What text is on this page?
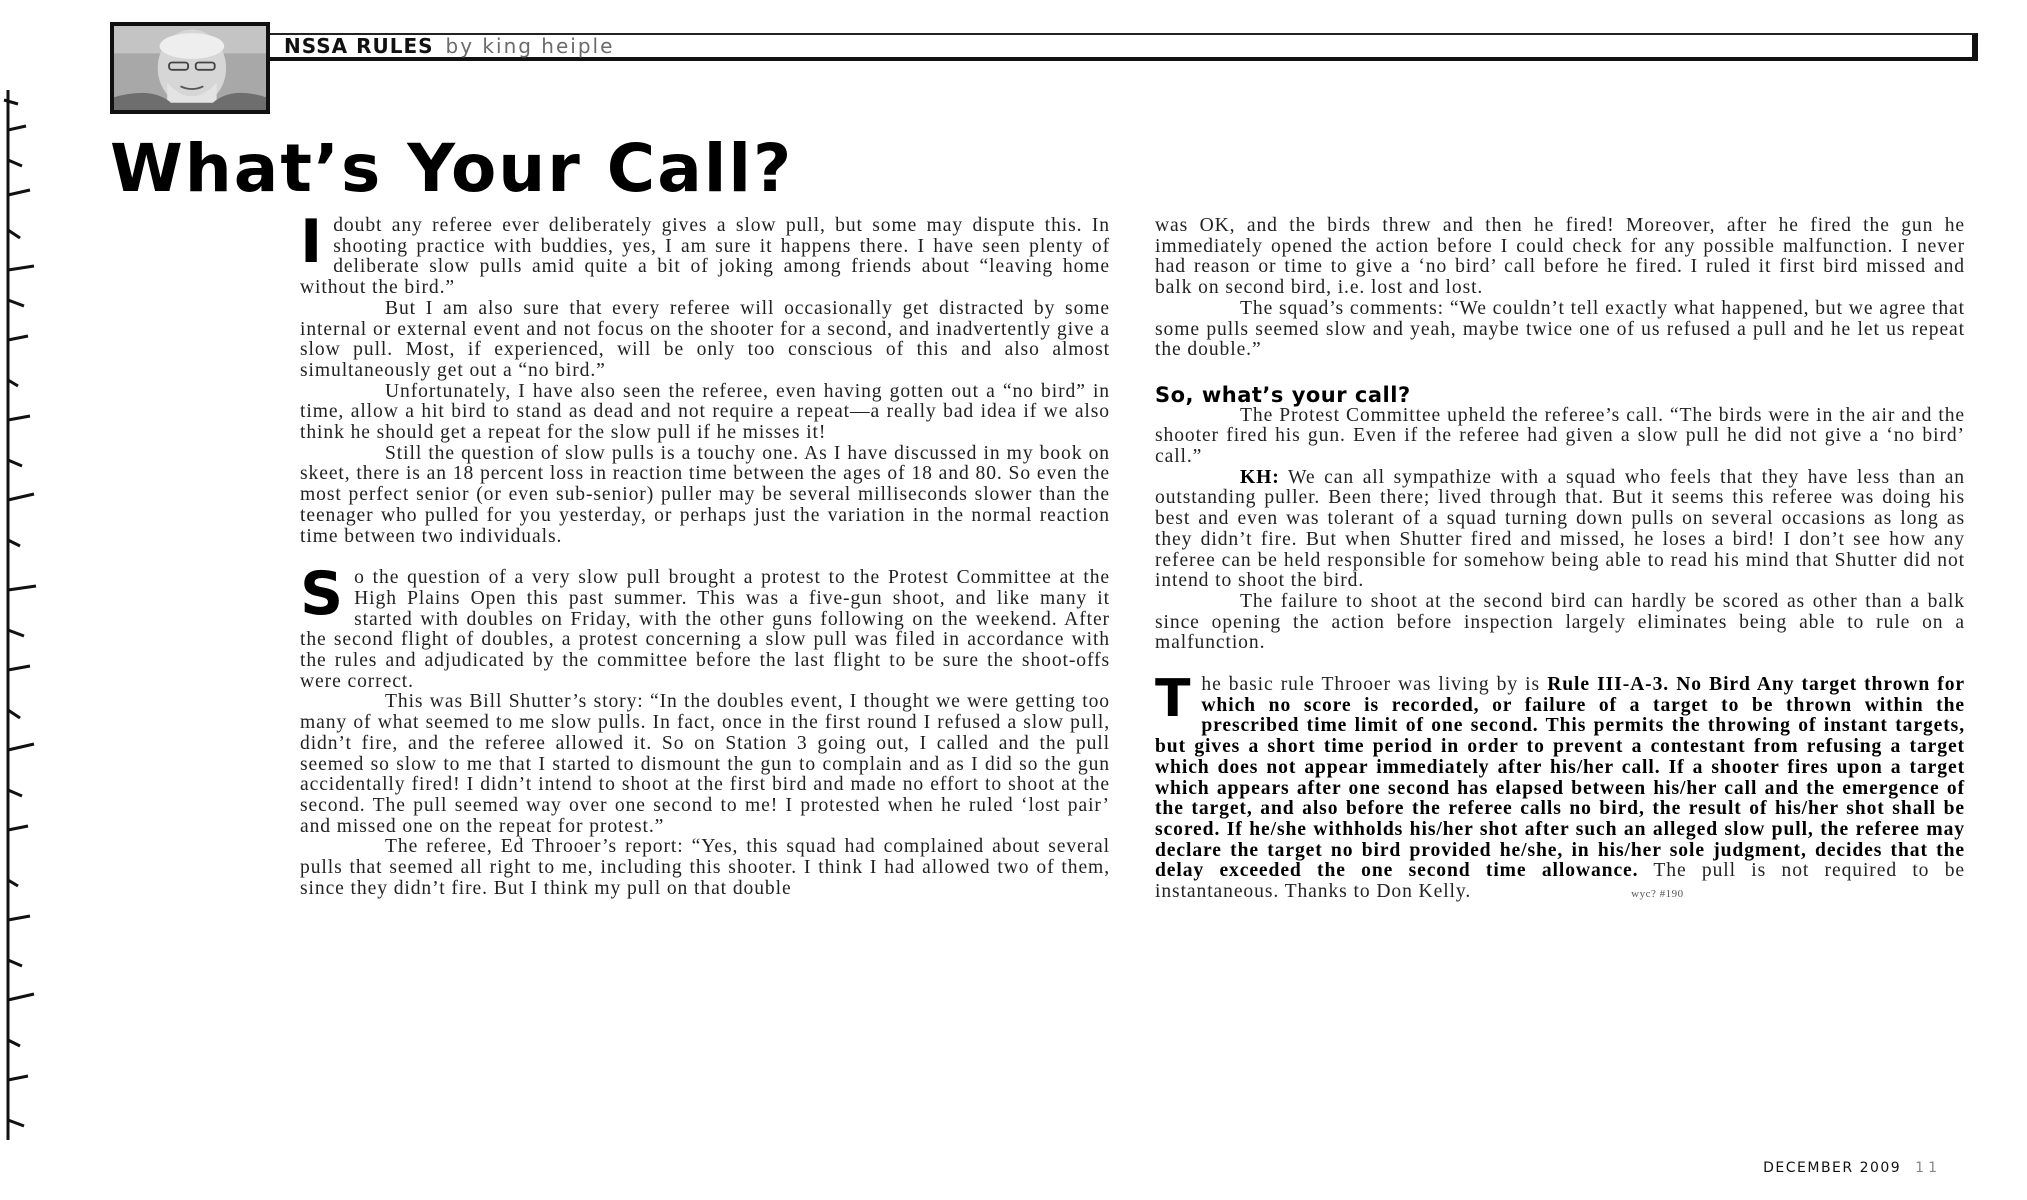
NSSA RULES by king heiple
What’s Your Call?

Idoubt any referee ever deliberately gives a slow pull, but some may dispute this. In shooting practice with buddies, yes, I am sure it happens there. I have seen plenty of deliberate slow pulls amid quite a bit of joking among friends about “leaving home without the bird.”

But I am also sure that every referee will occasionally get distracted by some internal or external event and not focus on the shooter for a second, and inadvertently give a slow pull. Most, if experienced, will be only too conscious of this and also almost simultaneously get out a “no bird.”

Unfortunately, I have also seen the referee, even having gotten out a “no bird” in time, allow a hit bird to stand as dead and not require a repeat—a really bad idea if we also think he should get a repeat for the slow pull if he misses it!

Still the question of slow pulls is a touchy one. As I have discussed in my book on skeet, there is an 18 percent loss in reaction time between the ages of 18 and 80. So even the most perfect senior (or even sub-senior) puller may be several milliseconds slower than the teenager who pulled for you yesterday, or perhaps just the variation in the normal reaction time between two individuals.

So the question of a very slow pull brought a protest to the Protest Committee at the High Plains Open this past summer. This was a five-gun shoot, and like many it started with doubles on Friday, with the other guns following on the weekend. After the second flight of doubles, a protest concerning a slow pull was filed in accordance with the rules and adjudicated by the committee before the last flight to be sure the shoot-offs were correct.

This was Bill Shutter’s story: “In the doubles event, I thought we were getting too many of what seemed to me slow pulls. In fact, once in the first round I refused a slow pull, didn’t fire, and the referee allowed it. So on Station 3 going out, I called and the pull seemed so slow to me that I started to dismount the gun to complain and as I did so the gun accidentally fired! I didn’t intend to shoot at the first bird and made no effort to shoot at the second. The pull seemed way over one second to me! I protested when he ruled ‘lost pair’ and missed one on the repeat for protest.”

The referee, Ed Throoer’s report: “Yes, this squad had complained about several pulls that seemed all right to me, including this shooter. I think I had allowed two of them, since they didn’t fire. But I think my pull on that double

was OK, and the birds threw and then he fired! Moreover, after he fired the gun he immediately opened the action before I could check for any possible malfunction. I never had reason or time to give a ‘no bird’ call before he fired. I ruled it first bird missed and balk on second bird, i.e. lost and lost.

The squad’s comments: “We couldn’t tell exactly what happened, but we agree that some pulls seemed slow and yeah, maybe twice one of us refused a pull and he let us repeat the double.”

So, what’s your call?

The Protest Committee upheld the referee’s call. “The birds were in the air and the shooter fired his gun. Even if the referee had given a slow pull he did not give a ‘no bird’ call.”

KH: We can all sympathize with a squad who feels that they have less than an outstanding puller. Been there; lived through that. But it seems this referee was doing his best and even was tolerant of a squad turning down pulls on several occasions as long as they didn’t fire. But when Shutter fired and missed, he loses a bird! I don’t see how any referee can be held responsible for somehow being able to read his mind that Shutter did not intend to shoot the bird.

The failure to shoot at the second bird can hardly be scored as other than a balk since opening the action before inspection largely eliminates being able to rule on a malfunction.

The basic rule Throoer was living by is Rule III-A-3. No Bird Any target thrown for which no score is recorded, or failure of a target to be thrown within the prescribed time limit of one second. This permits the throwing of instant targets, but gives a short time period in order to prevent a contestant from refusing a target which does not appear immediately after his/her call. If a shooter fires upon a target which appears after one second has elapsed between his/her call and the emergence of the target, and also before the referee calls no bird, the result of his/her shot shall be scored. If he/she withholds his/her shot after such an alleged slow pull, the referee may declare the target no bird provided he/she, in his/her sole judgment, decides that the delay exceeded the one second time allowance. The pull is not required to be instantaneous. Thanks to Don Kelly.	wyc? #190

DECEMBER 2009 11
